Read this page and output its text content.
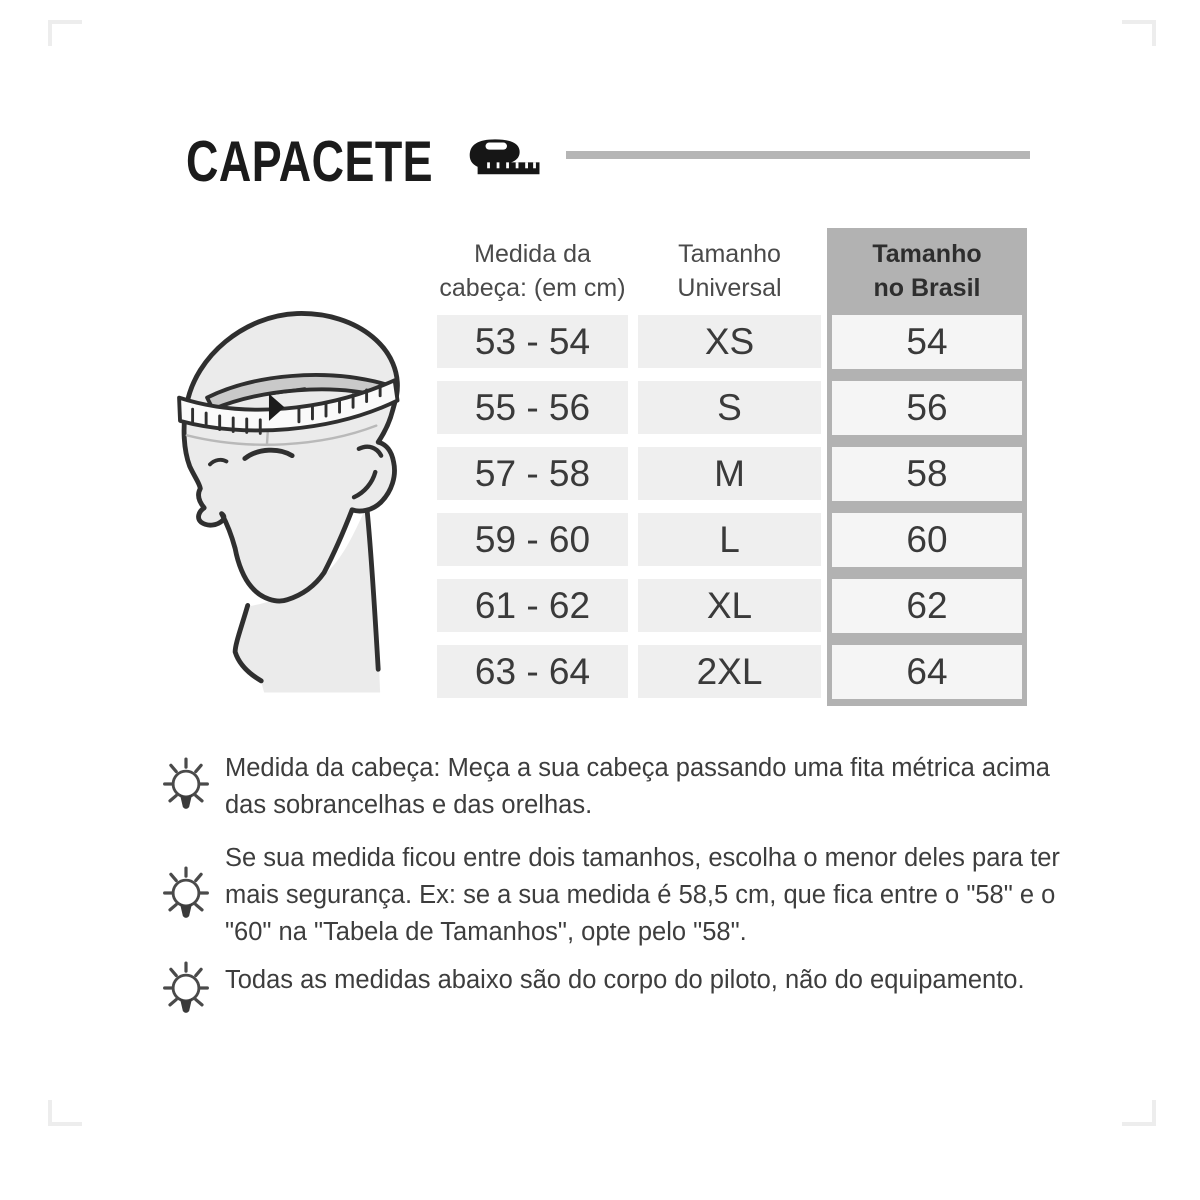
CAPACETE
Medida da
cabeça: (em cm)
Tamanho
Universal
Tamanho
no Brasil
53 - 54
55 - 56
57 - 58
59 - 60
61 - 62
63 - 64
XS
S
M
L
XL
2XL
54
56
58
60
62
64
Medida da cabeça: Meça a sua cabeça passando uma fita métrica acima das sobrancelhas e das orelhas.
Se sua medida ficou entre dois tamanhos, escolha o menor deles para ter mais segurança. Ex: se a sua medida é 58,5 cm, que fica entre o "58" e o "60" na "Tabela de Tamanhos", opte pelo "58".
Todas as medidas abaixo são do corpo do piloto, não do equipamento.
